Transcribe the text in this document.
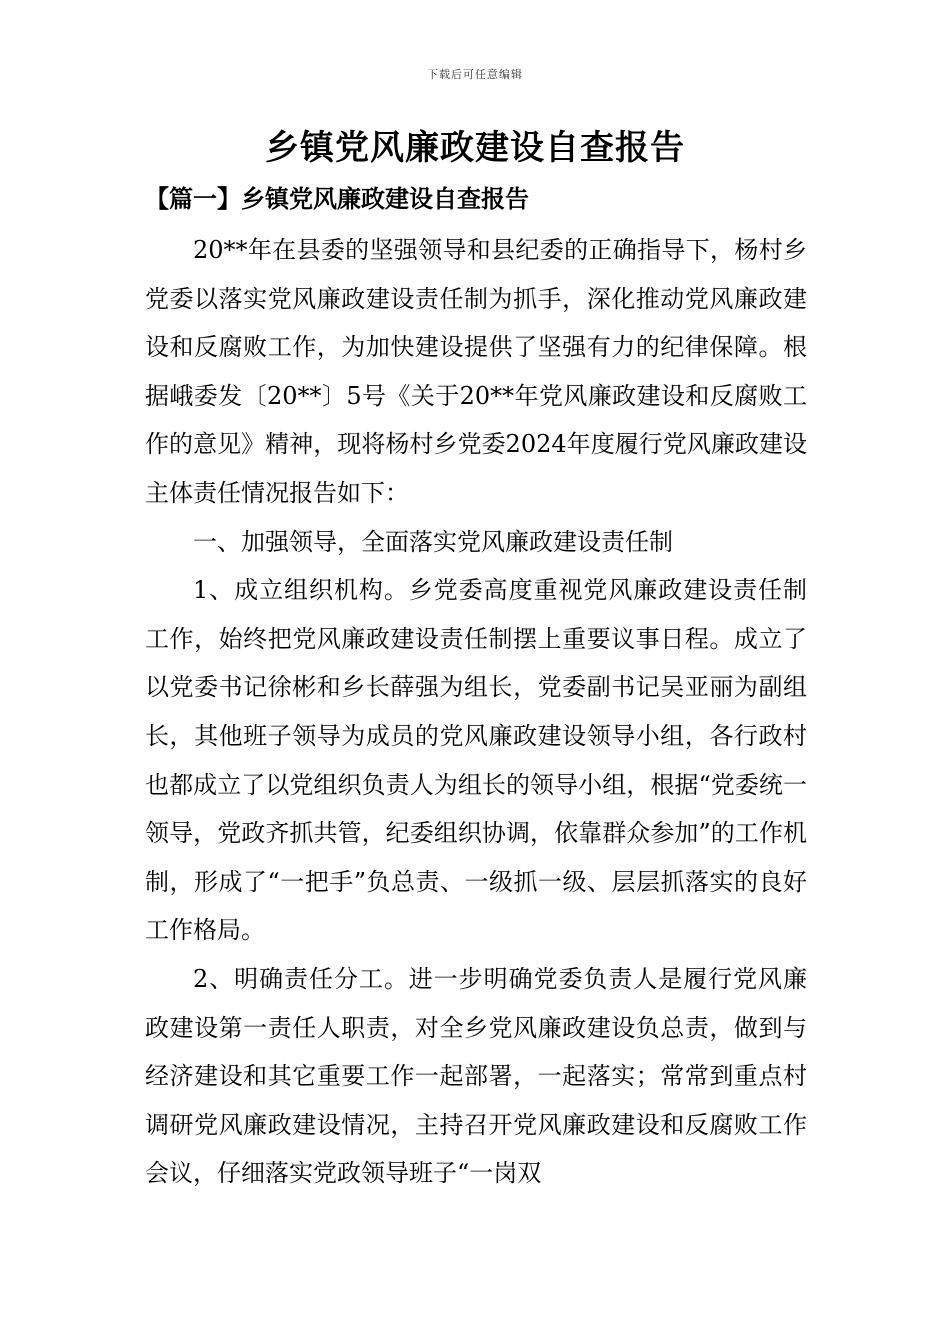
下载后可任意编辑
乡镇党风廉政建设自查报告
【篇一】乡镇党风廉政建设自查报告

20**年在县委的坚强领导和县纪委的正确指导下，杨村乡党委以落实党风廉政建设责任制为抓手，深化推动党风廉政建设和反腐败工作，为加快建设提供了坚强有力的纪律保障。根据峨委发〔20**〕5号《关于20**年党风廉政建设和反腐败工作的意见》精神，现将杨村乡党委2024年度履行党风廉政建设主体责任情况报告如下：

一、加强领导，全面落实党风廉政建设责任制

1、成立组织机构。乡党委高度重视党风廉政建设责任制工作，始终把党风廉政建设责任制摆上重要议事日程。成立了以党委书记徐彬和乡长薛强为组长，党委副书记吴亚丽为副组长，其他班子领导为成员的党风廉政建设领导小组，各行政村也都成立了以党组织负责人为组长的领导小组，根据“党委统一领导，党政齐抓共管，纪委组织协调，依靠群众参加”的工作机制，形成了“一把手”负总责、一级抓一级、层层抓落实的良好工作格局。

2、明确责任分工。进一步明确党委负责人是履行党风廉政建设第一责任人职责，对全乡党风廉政建设负总责，做到与经济建设和其它重要工作一起部署，一起落实；常常到重点村调研党风廉政建设情况，主持召开党风廉政建设和反腐败工作会议，仔细落实党政领导班子“一岗双
